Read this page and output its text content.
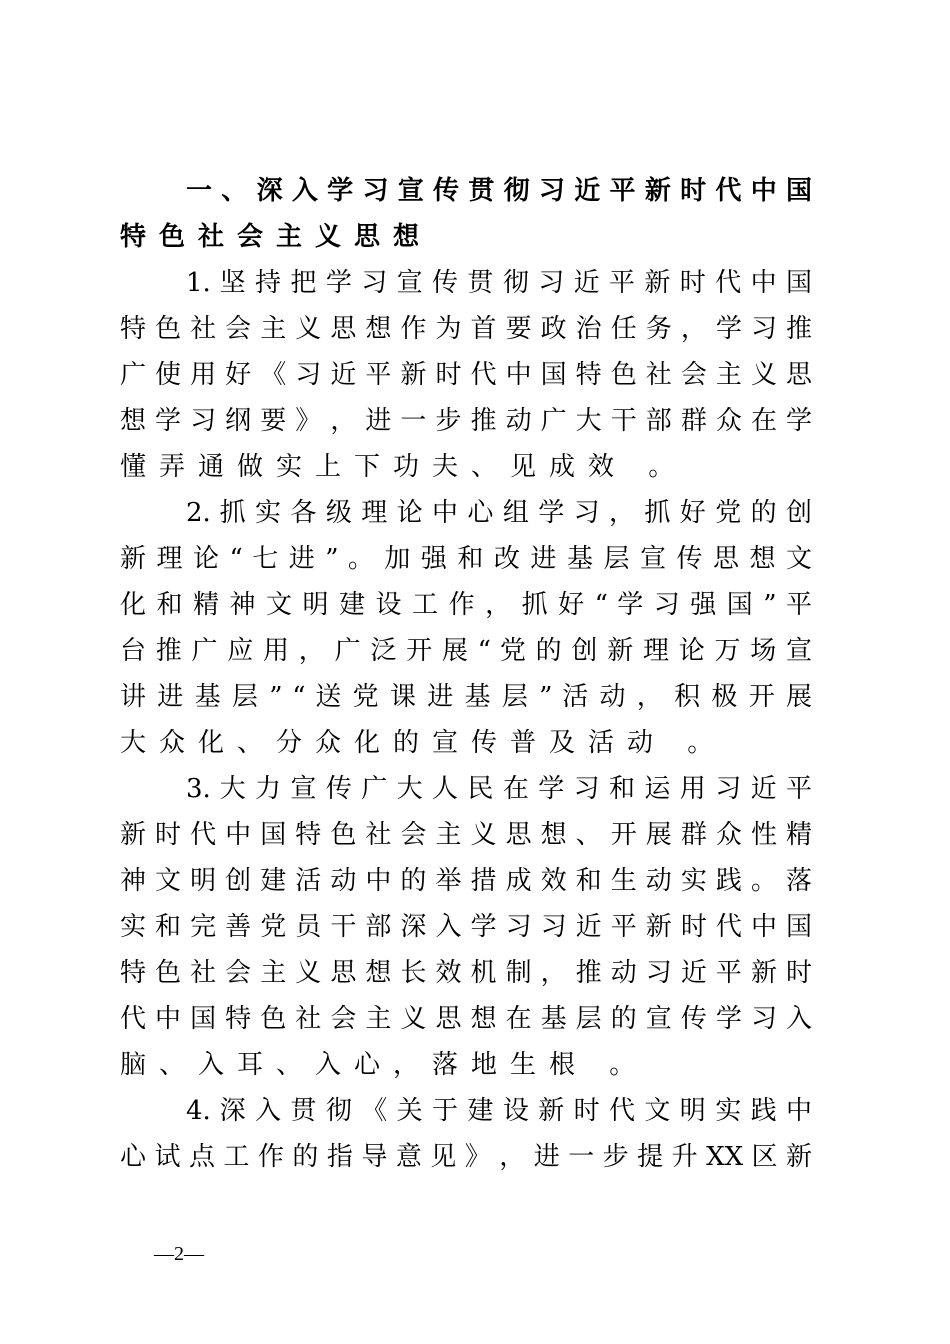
一 、 深 入 学 习 宣 传 贯 彻 习 近 平 新 时 代 中 国
特色社会主义思想
1. 坚 持 把 学 习 宣 传 贯 彻 习 近 平 新 时 代 中 国
特 色 社 会 主 义 思 想 作 为 首 要 政 治 任 务 ， 学 习 推
广 使 用 好 《 习 近 平 新 时 代 中 国 特 色 社 会 主 义 思
想 学 习 纲 要 》 ， 进 一 步 推 动 广 大 干 部 群 众 在 学
懂弄通做实上下功夫、见成效 。
2. 抓 实 各 级 理 论 中 心 组 学 习 ， 抓 好 党 的 创
新 理 论 “ 七 进 ” 。 加 强 和 改 进 基 层 宣 传 思 想 文
化 和 精 神 文 明 建 设 工 作 ， 抓 好 “ 学 习 强 国 ” 平
台 推 广 应 用 ， 广 泛 开 展 “ 党 的 创 新 理 论 万 场 宣
讲 进 基 层 ” “ 送 党 课 进 基 层 ” 活 动 ， 积 极 开 展
大众化、分众化的宣传普及活动 。
3. 大 力 宣 传 广 大 人 民 在 学 习 和 运 用 习 近 平
新 时 代 中 国 特 色 社 会 主 义 思 想 、 开 展 群 众 性 精
神 文 明 创 建 活 动 中 的 举 措 成 效 和 生 动 实 践 。 落
实 和 完 善 党 员 干 部 深 入 学 习 习 近 平 新 时 代 中 国
特 色 社 会 主 义 思 想 长 效 机 制 ， 推 动 习 近 平 新 时
代 中 国 特 色 社 会 主 义 思 想 在 基 层 的 宣 传 学 习 入
脑、入耳、入心，落地生根 。
4. 深 入 贯 彻 《 关 于 建 设 新 时 代 文 明 实 践 中
心 试 点 工 作 的 指 导 意 见 》 ， 进 一 步 提 升 XX 区 新
—2—
